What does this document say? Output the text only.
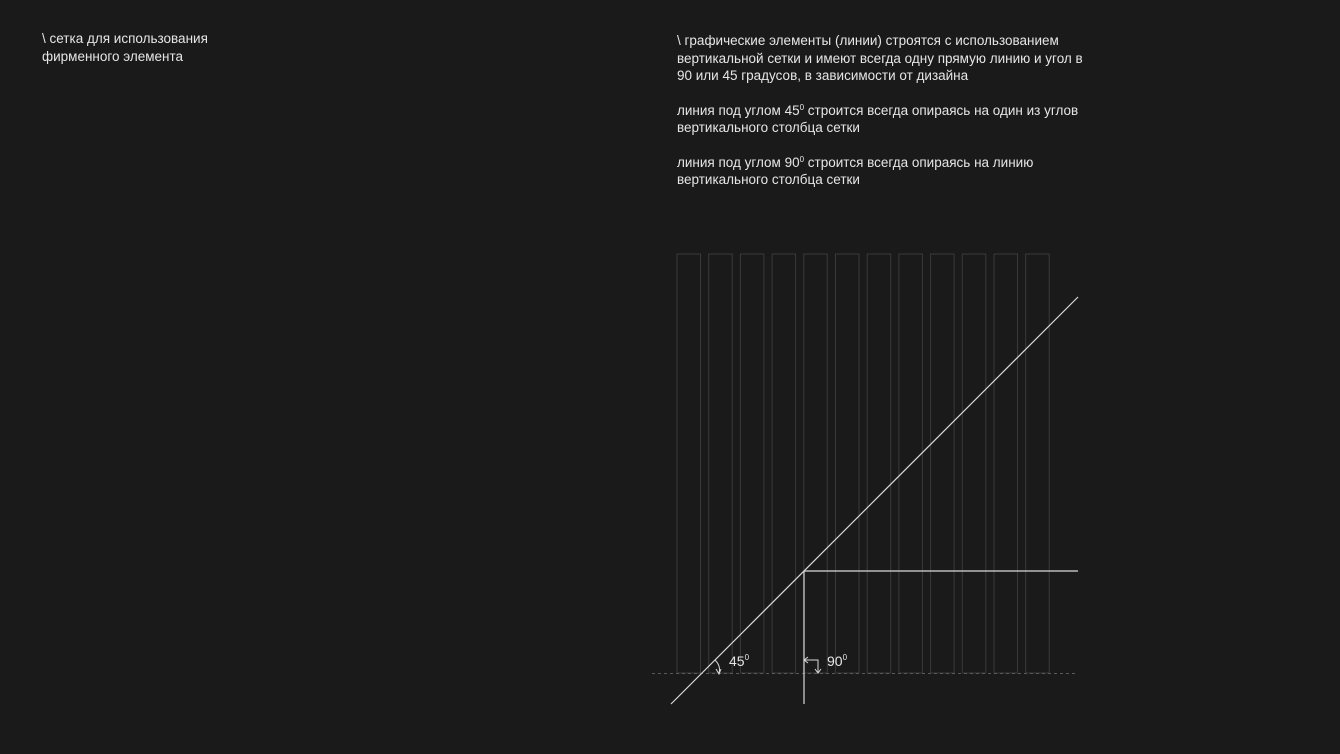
\ сетка для использования
фирменного элемента

\ графические элементы (линии) строятся с использованием
вертикальной сетки и имеют всегда одну прямую линию и угол в
90 или 45 градусов, в зависимости от дизайна

линия под углом $45^0$ строится всегда опираясь на один из углов
вертикального столбца сетки

линия под углом $90^0$ строится всегда опираясь на линию
вертикального столбца сетки

$45^0$	$90^0$
